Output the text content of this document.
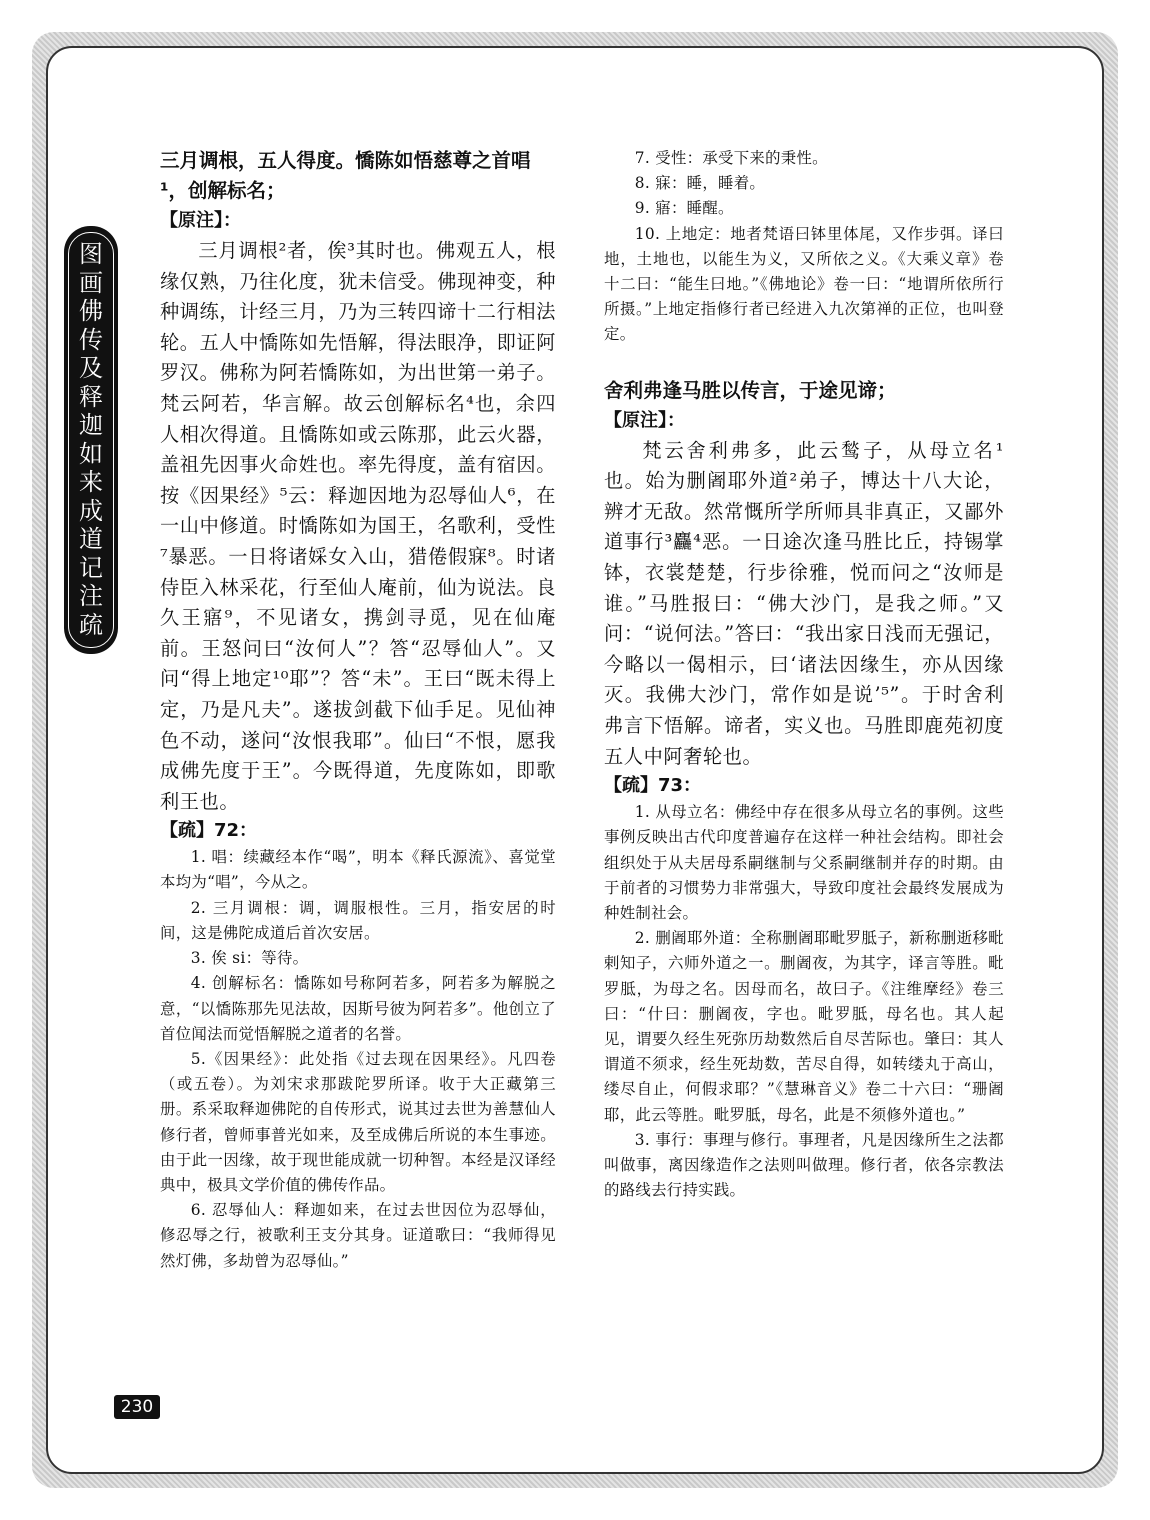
图
画
佛
传
及
释
迦
如
来
成
道
记
注
疏

三月调根，五人得度。憍陈如悟慈尊之首唱¹，创解标名；

【原注】：

三月调根²者，俟³其时也。佛观五人，根缘仅熟，乃往化度，犹未信受。佛现神变，种种调练，计经三月，乃为三转四谛十二行相法轮。五人中憍陈如先悟解，得法眼净，即证阿罗汉。佛称为阿若憍陈如，为出世第一弟子。梵云阿若，华言解。故云创解标名⁴也，余四人相次得道。且憍陈如或云陈那，此云火器，盖祖先因事火命姓也。率先得度，盖有宿因。按《因果经》⁵云：释迦因地为忍辱仙人⁶，在一山中修道。时憍陈如为国王，名歌利，受性⁷暴恶。一日将诸婇女入山，猎倦假寐⁸。时诸侍臣入林采花，行至仙人庵前，仙为说法。良久王寤⁹，不见诸女，携剑寻觅，见在仙庵前。王怒问曰“汝何人”？答“忍辱仙人”。又问“得上地定¹⁰耶”？答“未”。王曰“既未得上定，乃是凡夫”。遂拔剑截下仙手足。见仙神色不动，遂问“汝恨我耶”。仙曰“不恨，愿我成佛先度于王”。今既得道，先度陈如，即歌利王也。

【疏】72：

1. 唱：续藏经本作“喝”，明本《释氏源流》、喜觉堂本均为“唱”，今从之。

2. 三月调根：调，调服根性。三月，指安居的时间，这是佛陀成道后首次安居。

3. 俟 si：等待。

4. 创解标名：憍陈如号称阿若多，阿若多为解脱之意，“以憍陈那先见法故，因斯号彼为阿若多”。他创立了首位闻法而觉悟解脱之道者的名誉。

5.《因果经》：此处指《过去现在因果经》。凡四卷（或五卷）。为刘宋求那跋陀罗所译。收于大正藏第三册。系采取释迦佛陀的自传形式，说其过去世为善慧仙人修行者，曾师事普光如来，及至成佛后所说的本生事迹。由于此一因缘，故于现世能成就一切种智。本经是汉译经典中，极具文学价值的佛传作品。

6. 忍辱仙人：释迦如来，在过去世因位为忍辱仙，修忍辱之行，被歌利王支分其身。证道歌曰：“我师得见然灯佛，多劫曾为忍辱仙。”

7. 受性：承受下来的秉性。

8. 寐：睡，睡着。

9. 寤：睡醒。

10. 上地定：地者梵语曰钵里体尾，又作步弭。译曰地，土地也，以能生为义，又所依之义。《大乘义章》卷十二曰：“能生曰地。”《佛地论》卷一曰：“地谓所依所行所摄。”上地定指修行者已经进入九次第禅的正位，也叫登定。

舍利弗逢马胜以传言，于途见谛；

【原注】：

梵云舍利弗多，此云鹙子，从母立名¹也。始为删阇耶外道²弟子，博达十八大论，辨才无敌。然常慨所学所师具非真正，又鄙外道事行³麤⁴恶。一日途次逢马胜比丘，持锡掌钵，衣裳楚楚，行步徐雅，悦而问之“汝师是谁。”马胜报曰：“佛大沙门，是我之师。”又问：“说何法。”答曰：“我出家日浅而无强记，今略以一偈相示，曰‘诸法因缘生，亦从因缘灭。我佛大沙门，常作如是说’⁵”。于时舍利弗言下悟解。谛者，实义也。马胜即鹿苑初度五人中阿奢轮也。

【疏】73：

1. 从母立名：佛经中存在很多从母立名的事例。这些事例反映出古代印度普遍存在这样一种社会结构。即社会组织处于从夫居母系嗣继制与父系嗣继制并存的时期。由于前者的习惯势力非常强大，导致印度社会最终发展成为种姓制社会。

2. 删阇耶外道：全称删阇耶毗罗胝子，新称删逝移毗剌知子，六师外道之一。删阇夜，为其字，译言等胜。毗罗胝，为母之名。因母而名，故曰子。《注维摩经》卷三曰：“什曰：删阇夜，字也。毗罗胝，母名也。其人起见，谓要久经生死弥历劫数然后自尽苦际也。肇曰：其人谓道不须求，经生死劫数，苦尽自得，如转缕丸于高山，缕尽自止，何假求耶？”《慧琳音义》卷二十六曰：“珊阇耶，此云等胜。毗罗胝，母名，此是不须修外道也。”

3. 事行：事理与修行。事理者，凡是因缘所生之法都叫做事，离因缘造作之法则叫做理。修行者，依各宗教法的路线去行持实践。

230
